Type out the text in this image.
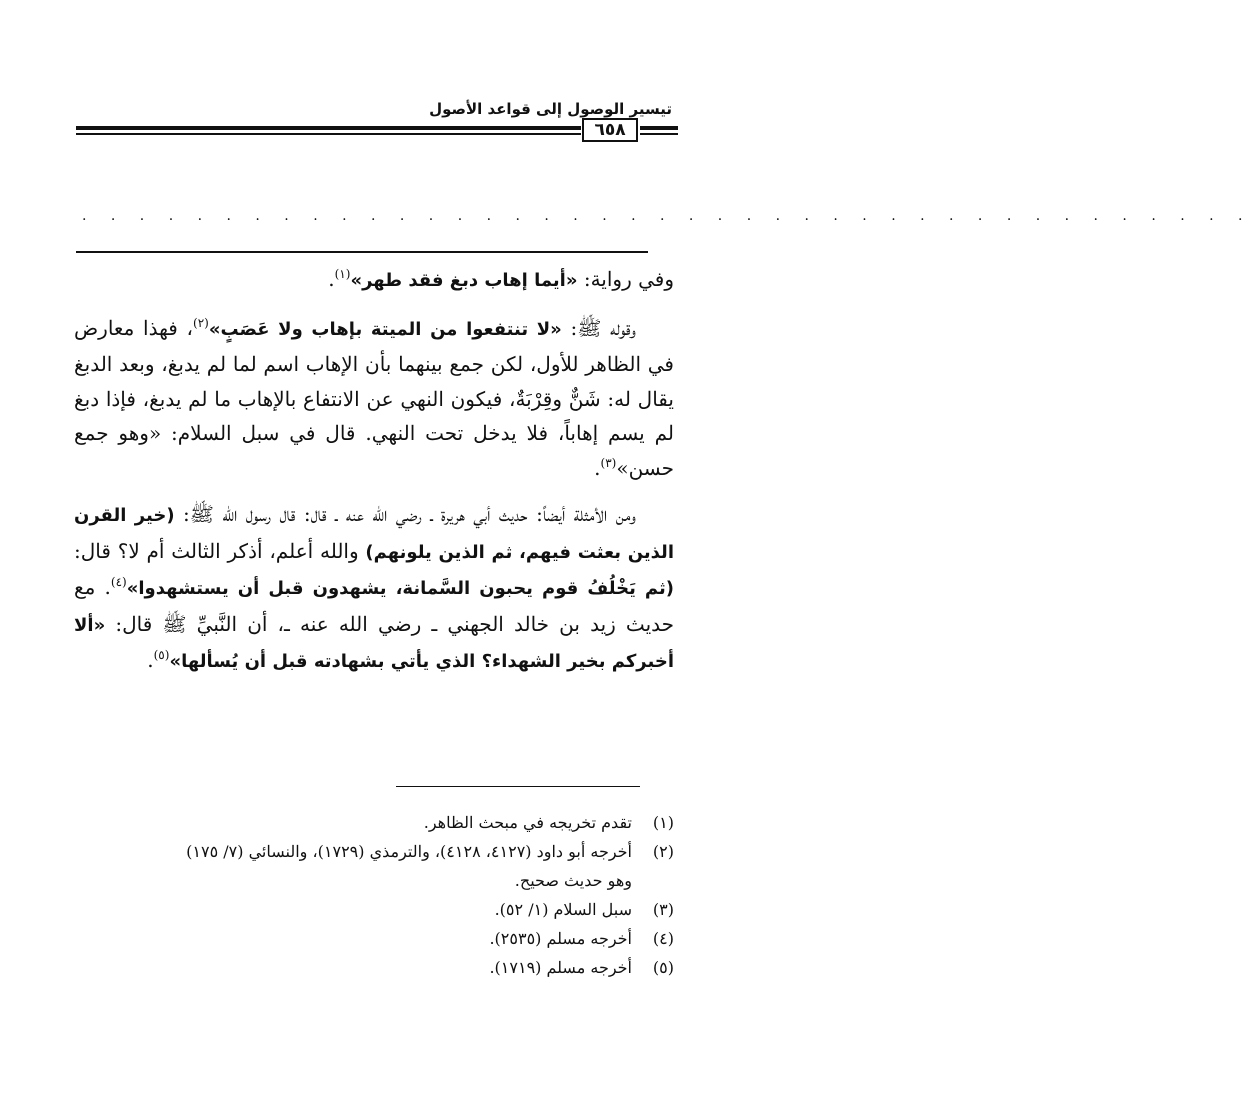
تيسير الوصول إلى قواعد الأصول
٦٥٨
. . . . . . . . . . . . . . . . . . . . . . . . . . . . . . . . . . . . . . . . .

وفي رواية: «أيما إهاب دبغ فقد طهر»$^{(١)}$.

وقوله ﷺ: «لا تنتفعوا من الميتة بإهاب ولا عَصَبٍ»$^{(٢)}$، فهذا معارض في الظاهر للأول، لكن جمع بينهما بأن الإهاب اسم لما لم يدبغ، وبعد الدبغ يقال له: شَنٌّ وقِرْبَةٌ، فيكون النهي عن الانتفاع بالإهاب ما لم يدبغ، فإذا دبغ لم يسم إهاباً، فلا يدخل تحت النهي. قال في سبل السلام: «وهو جمع حسن»$^{(٣)}$.

ومن الأمثلة أيضاً: حديث أبي هريرة ـ رضي الله عنه ـ قال: قال رسول الله ﷺ: (خير القرن الذين بعثت فيهم، ثم الذين يلونهم) والله أعلم، أذكر الثالث أم لا؟ قال: (ثم يَخْلُفُ قوم يحبون السَّمانة، يشهدون قبل أن يستشهدوا»$^{(٤)}$. مع حديث زيد بن خالد الجهني ـ رضي الله عنه ـ، أن النَّبيِّ ﷺ قال: «ألا أخبركم بخير الشهداء؟ الذي يأتي بشهادته قبل أن يُسألها»$^{(٥)}$.

(١)
تقدم تخريجه في مبحث الظاهر.
(٢)
أخرجه أبو داود (٤١٢٧، ٤١٢٨)، والترمذي (١٧٢٩)، والنسائي (٧/ ١٧٥)
وهو حديث صحيح.
(٣)
سبل السلام (١/ ٥٢).
(٤)
أخرجه مسلم (٢٥٣٥).
(٥)
أخرجه مسلم (١٧١٩).
